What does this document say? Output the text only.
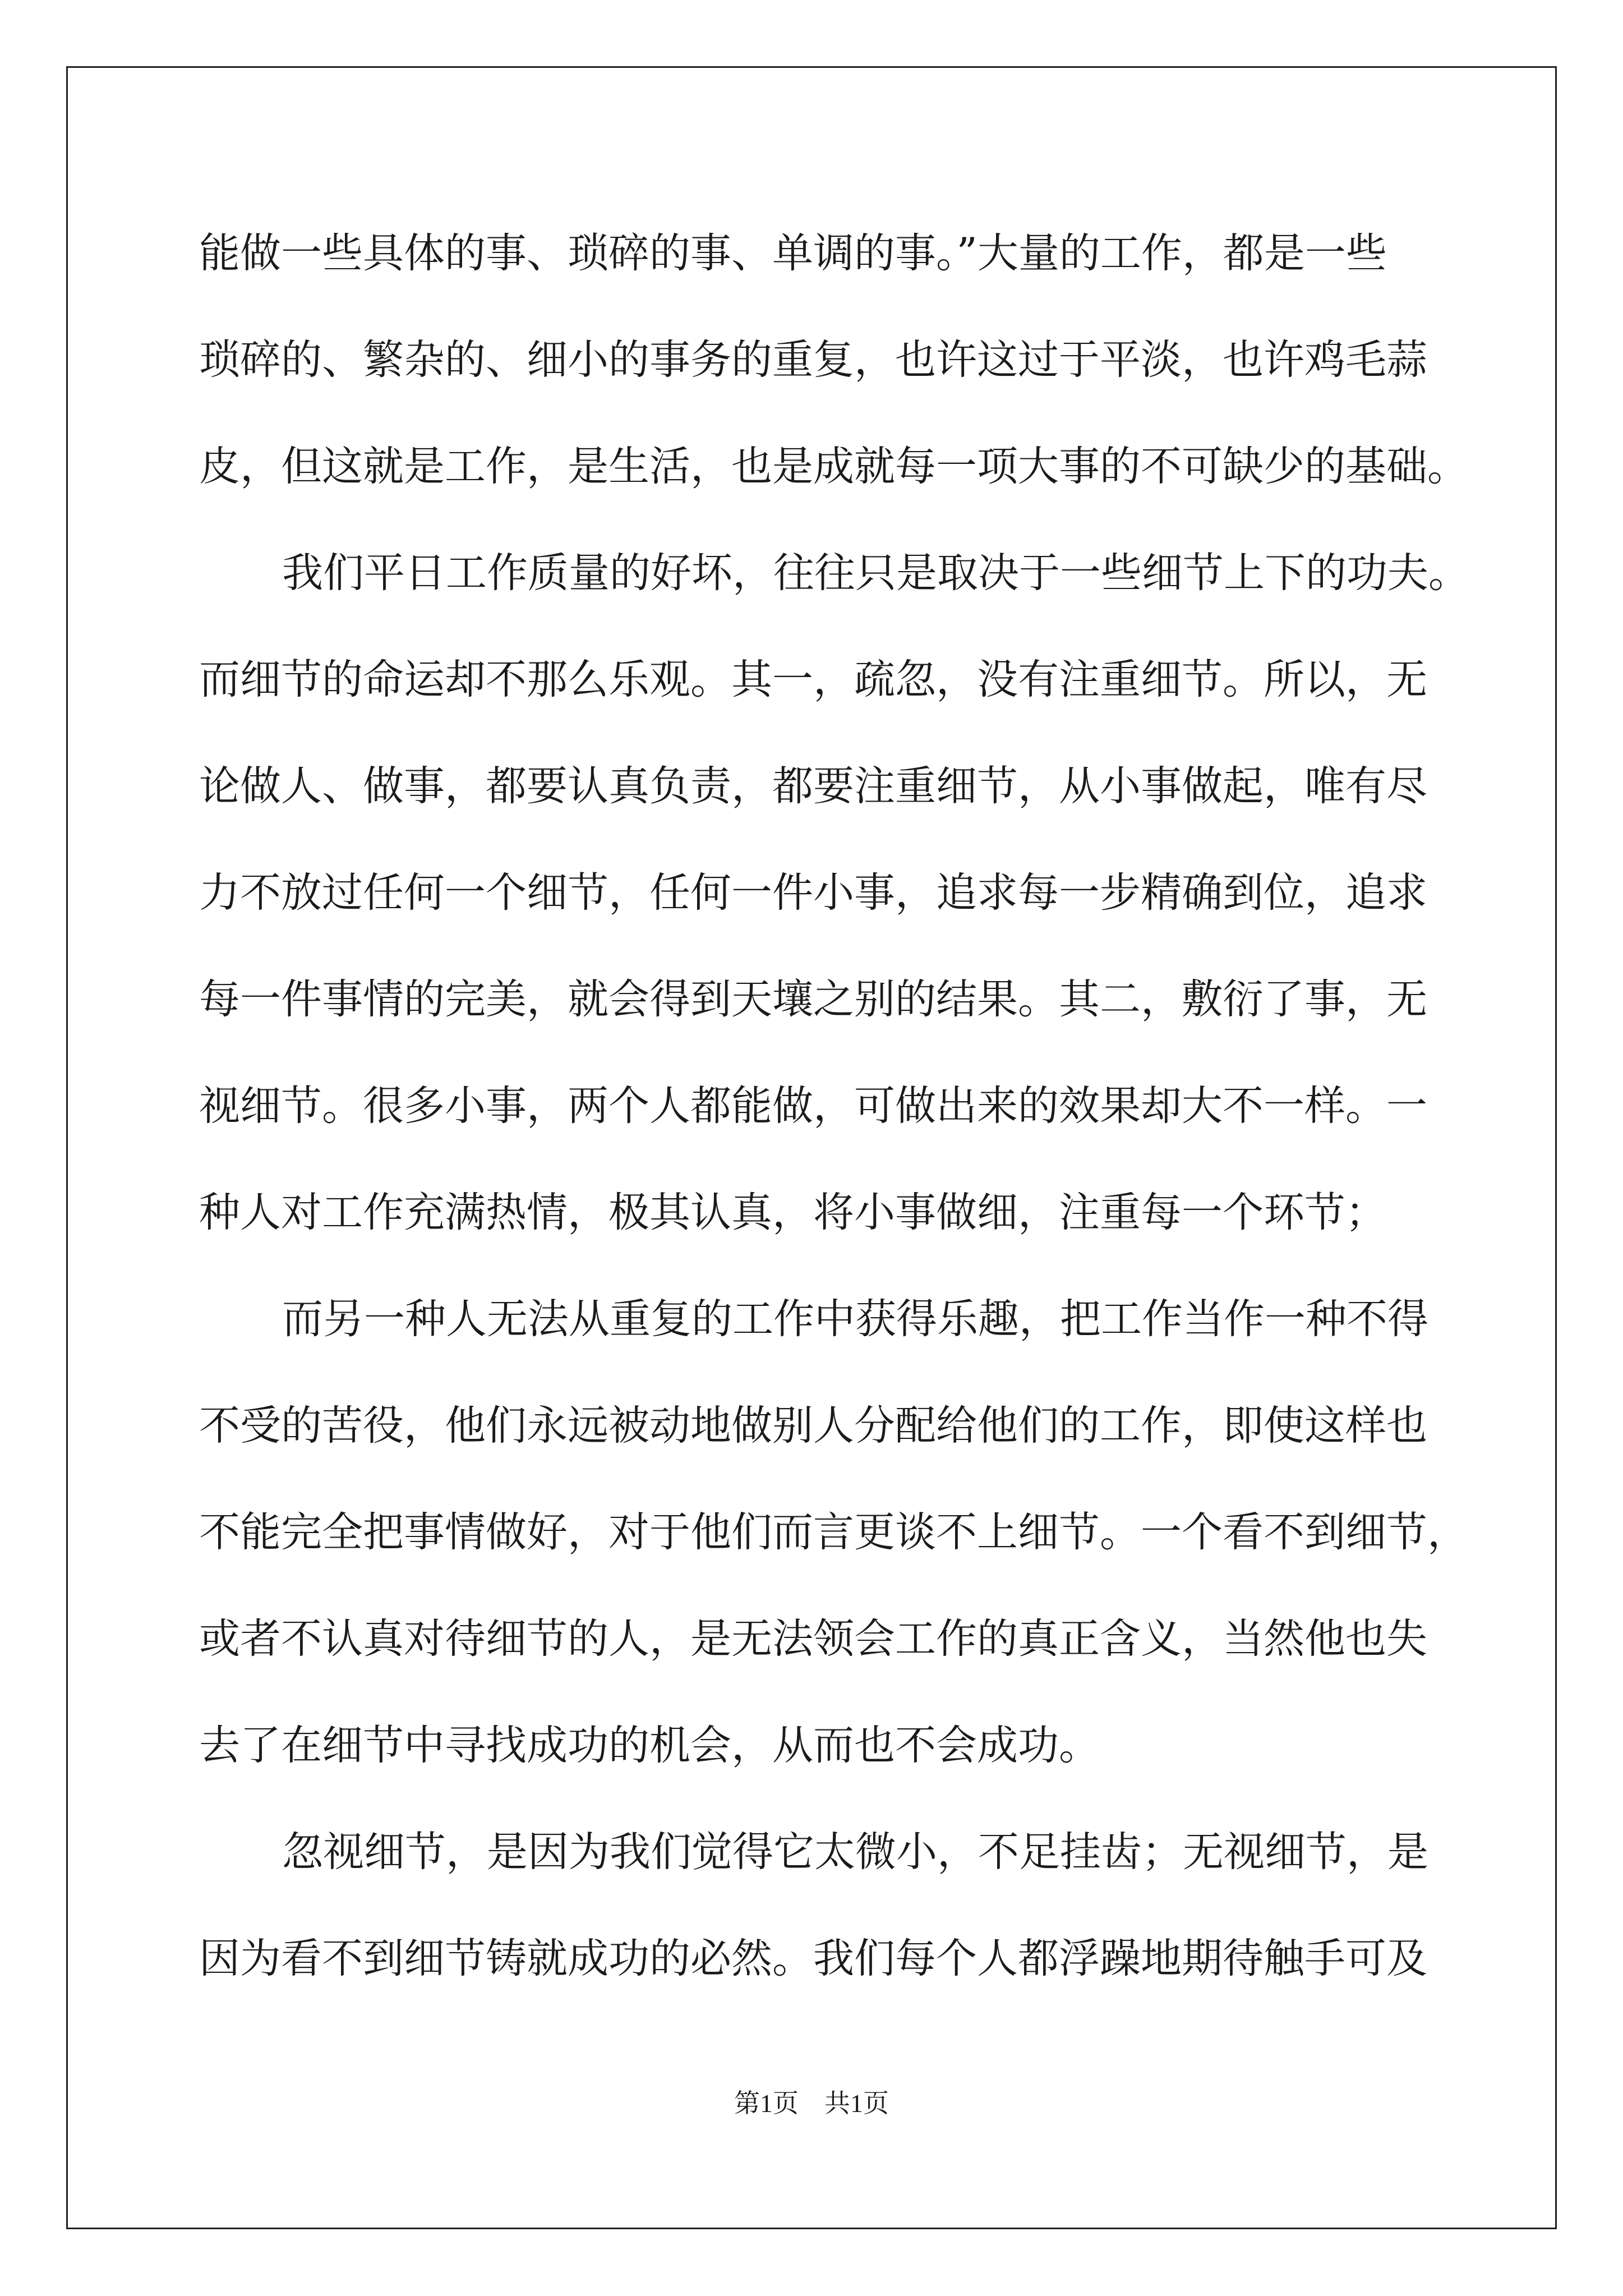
能做一些具体的事、琐碎的事、单调的事。”大量的工作，都是一些

琐碎的、繁杂的、细小的事务的重复，也许这过于平淡，也许鸡毛蒜

皮，但这就是工作，是生活，也是成就每一项大事的不可缺少的基础。

我们平日工作质量的好坏，往往只是取决于一些细节上下的功夫。

而细节的命运却不那么乐观。其一，疏忽，没有注重细节。所以，无

论做人、做事，都要认真负责，都要注重细节，从小事做起，唯有尽

力不放过任何一个细节，任何一件小事，追求每一步精确到位，追求

每一件事情的完美，就会得到天壤之别的结果。其二，敷衍了事，无

视细节。很多小事，两个人都能做，可做出来的效果却大不一样。一

种人对工作充满热情，极其认真，将小事做细，注重每一个环节；

而另一种人无法从重复的工作中获得乐趣，把工作当作一种不得

不受的苦役，他们永远被动地做别人分配给他们的工作，即使这样也

不能完全把事情做好，对于他们而言更谈不上细节。一个看不到细节，

或者不认真对待细节的人，是无法领会工作的真正含义，当然他也失

去了在细节中寻找成功的机会，从而也不会成功。

忽视细节，是因为我们觉得它太微小，不足挂齿；无视细节，是

因为看不到细节铸就成功的必然。我们每个人都浮躁地期待触手可及

第1页　共1页
